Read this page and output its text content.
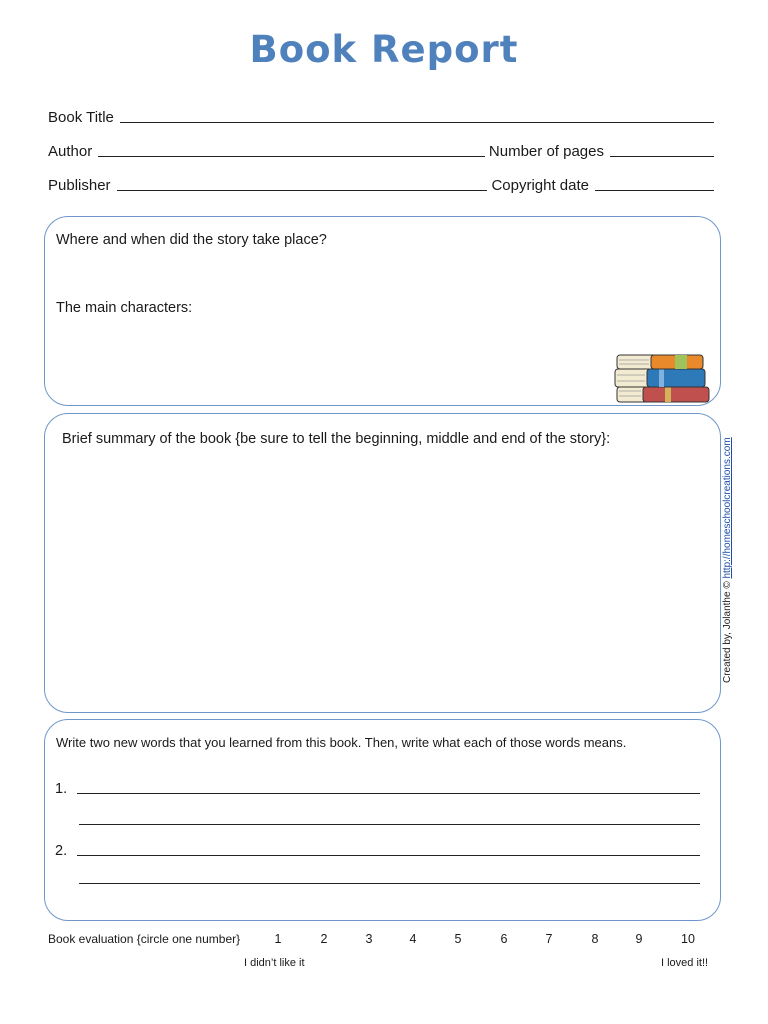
Book Report
Book Title
Author	Number of pages
Publisher	Copyright date

Where and when did the story take place?

The main characters:

Brief summary of the book {be sure to tell the beginning, middle and end of the story}:

Created by, Jolanthe © http://homeschoolcreations.com

Write two new words that you learned from this book. Then, write what each of those words means.

1.
2.
Book evaluation {circle one number}	1	2	3	4	5	6	7	8	9	10
I didn’t like it	I loved it!!
